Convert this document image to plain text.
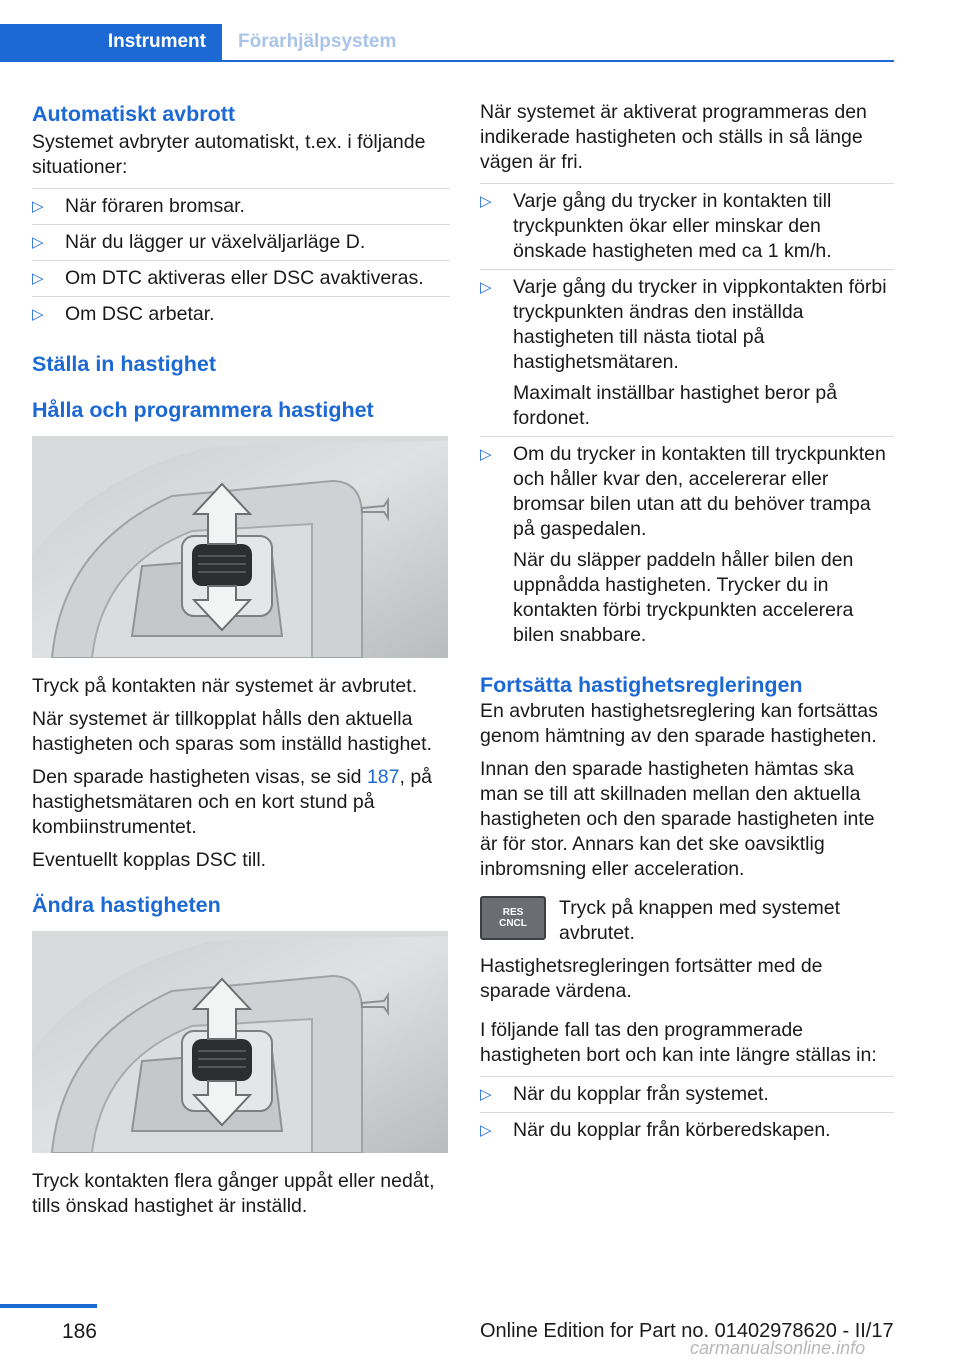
Instrument	Förarhjälpsystem
Automatiskt avbrott

Systemet avbryter automatiskt, t.ex. i följande situationer:

▷ När föraren bromsar.
▷ När du lägger ur växelväljarläge D.
▷ Om DTC aktiveras eller DSC avaktiveras.
▷ Om DSC arbetar.
Ställa in hastighet
Hålla och programmera hastighet

Tryck på kontakten när systemet är avbrutet.

När systemet är tillkopplat hålls den aktuella hastigheten och sparas som inställd hastighet.

Den sparade hastigheten visas, se sid 187, på hastighetsmätaren och en kort stund på kombiinstrumentet.

Eventuellt kopplas DSC till.

Ändra hastigheten

Tryck kontakten flera gånger uppåt eller nedåt, tills önskad hastighet är inställd.

När systemet är aktiverat programmeras den indikerade hastigheten och ställs in så länge vägen är fri.

▷ Varje gång du trycker in kontakten till tryckpunkten ökar eller minskar den önskade hastigheten med ca 1 km/h.

▷ Varje gång du trycker in vippkontakten förbi tryckpunkten ändras den inställda hastigheten till nästa tiotal på hastighetsmätaren.

Maximalt inställbar hastighet beror på fordonet.

▷ Om du trycker in kontakten till tryckpunkten och håller kvar den, accelererar eller bromsar bilen utan att du behöver trampa på gaspedalen.

När du släpper paddeln håller bilen den uppnådda hastigheten. Trycker du in kontakten förbi tryckpunkten accelerera bilen snabbare.

Fortsätta hastighetsregleringen

En avbruten hastighetsreglering kan fortsättas genom hämtning av den sparade hastigheten.

Innan den sparade hastigheten hämtas ska man se till att skillnaden mellan den aktuella hastigheten och den sparade hastigheten inte är för stor. Annars kan det ske oavsiktlig inbromsning eller acceleration.

RES
CNCL

Tryck på knappen med systemet avbrutet.

Hastighetsregleringen fortsätter med de sparade värdena.

I följande fall tas den programmerade hastigheten bort och kan inte längre ställas in:

▷ När du kopplar från systemet.
▷ När du kopplar från körberedskapen.
186	Online Edition for Part no. 01402978620 - II/17
carmanualsonline.info
